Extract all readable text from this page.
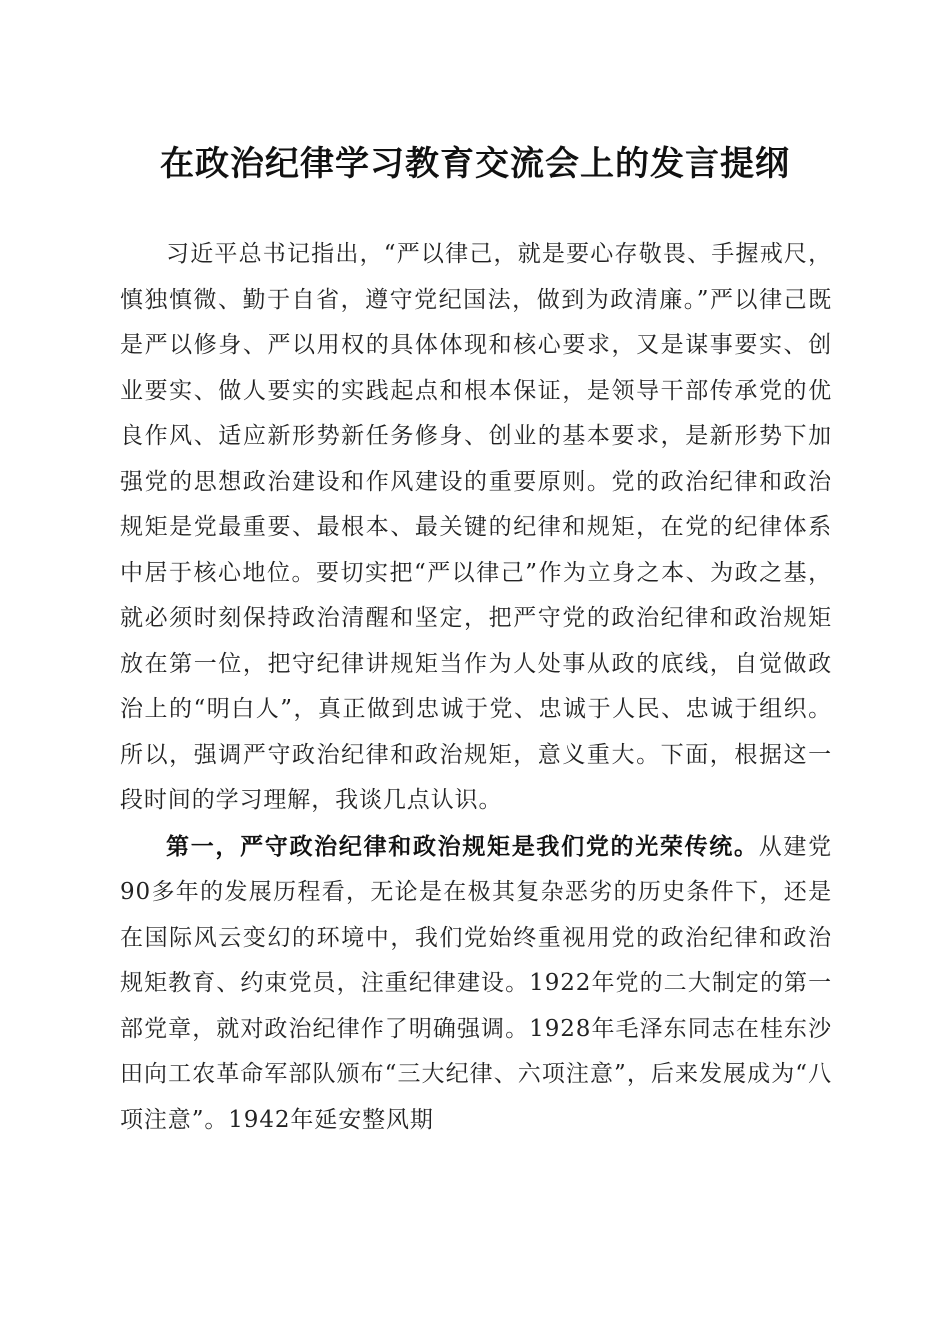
在政治纪律学习教育交流会上的发言提纲

习近平总书记指出，“严以律己，就是要心存敬畏、手握戒尺，慎独慎微、勤于自省，遵守党纪国法，做到为政清廉。”严以律己既是严以修身、严以用权的具体体现和核心要求，又是谋事要实、创业要实、做人要实的实践起点和根本保证，是领导干部传承党的优良作风、适应新形势新任务修身、创业的基本要求，是新形势下加强党的思想政治建设和作风建设的重要原则。党的政治纪律和政治规矩是党最重要、最根本、最关键的纪律和规矩，在党的纪律体系中居于核心地位。要切实把“严以律己”作为立身之本、为政之基，就必须时刻保持政治清醒和坚定，把严守党的政治纪律和政治规矩放在第一位，把守纪律讲规矩当作为人处事从政的底线，自觉做政治上的“明白人”，真正做到忠诚于党、忠诚于人民、忠诚于组织。所以，强调严守政治纪律和政治规矩，意义重大。下面，根据这一段时间的学习理解，我谈几点认识。

第一，严守政治纪律和政治规矩是我们党的光荣传统。从建党90多年的发展历程看，无论是在极其复杂恶劣的历史条件下，还是在国际风云变幻的环境中，我们党始终重视用党的政治纪律和政治规矩教育、约束党员，注重纪律建设。1922年党的二大制定的第一部党章，就对政治纪律作了明确强调。1928年毛泽东同志在桂东沙田向工农革命军部队颁布“三大纪律、六项注意”，后来发展成为“八项注意”。1942年延安整风期
